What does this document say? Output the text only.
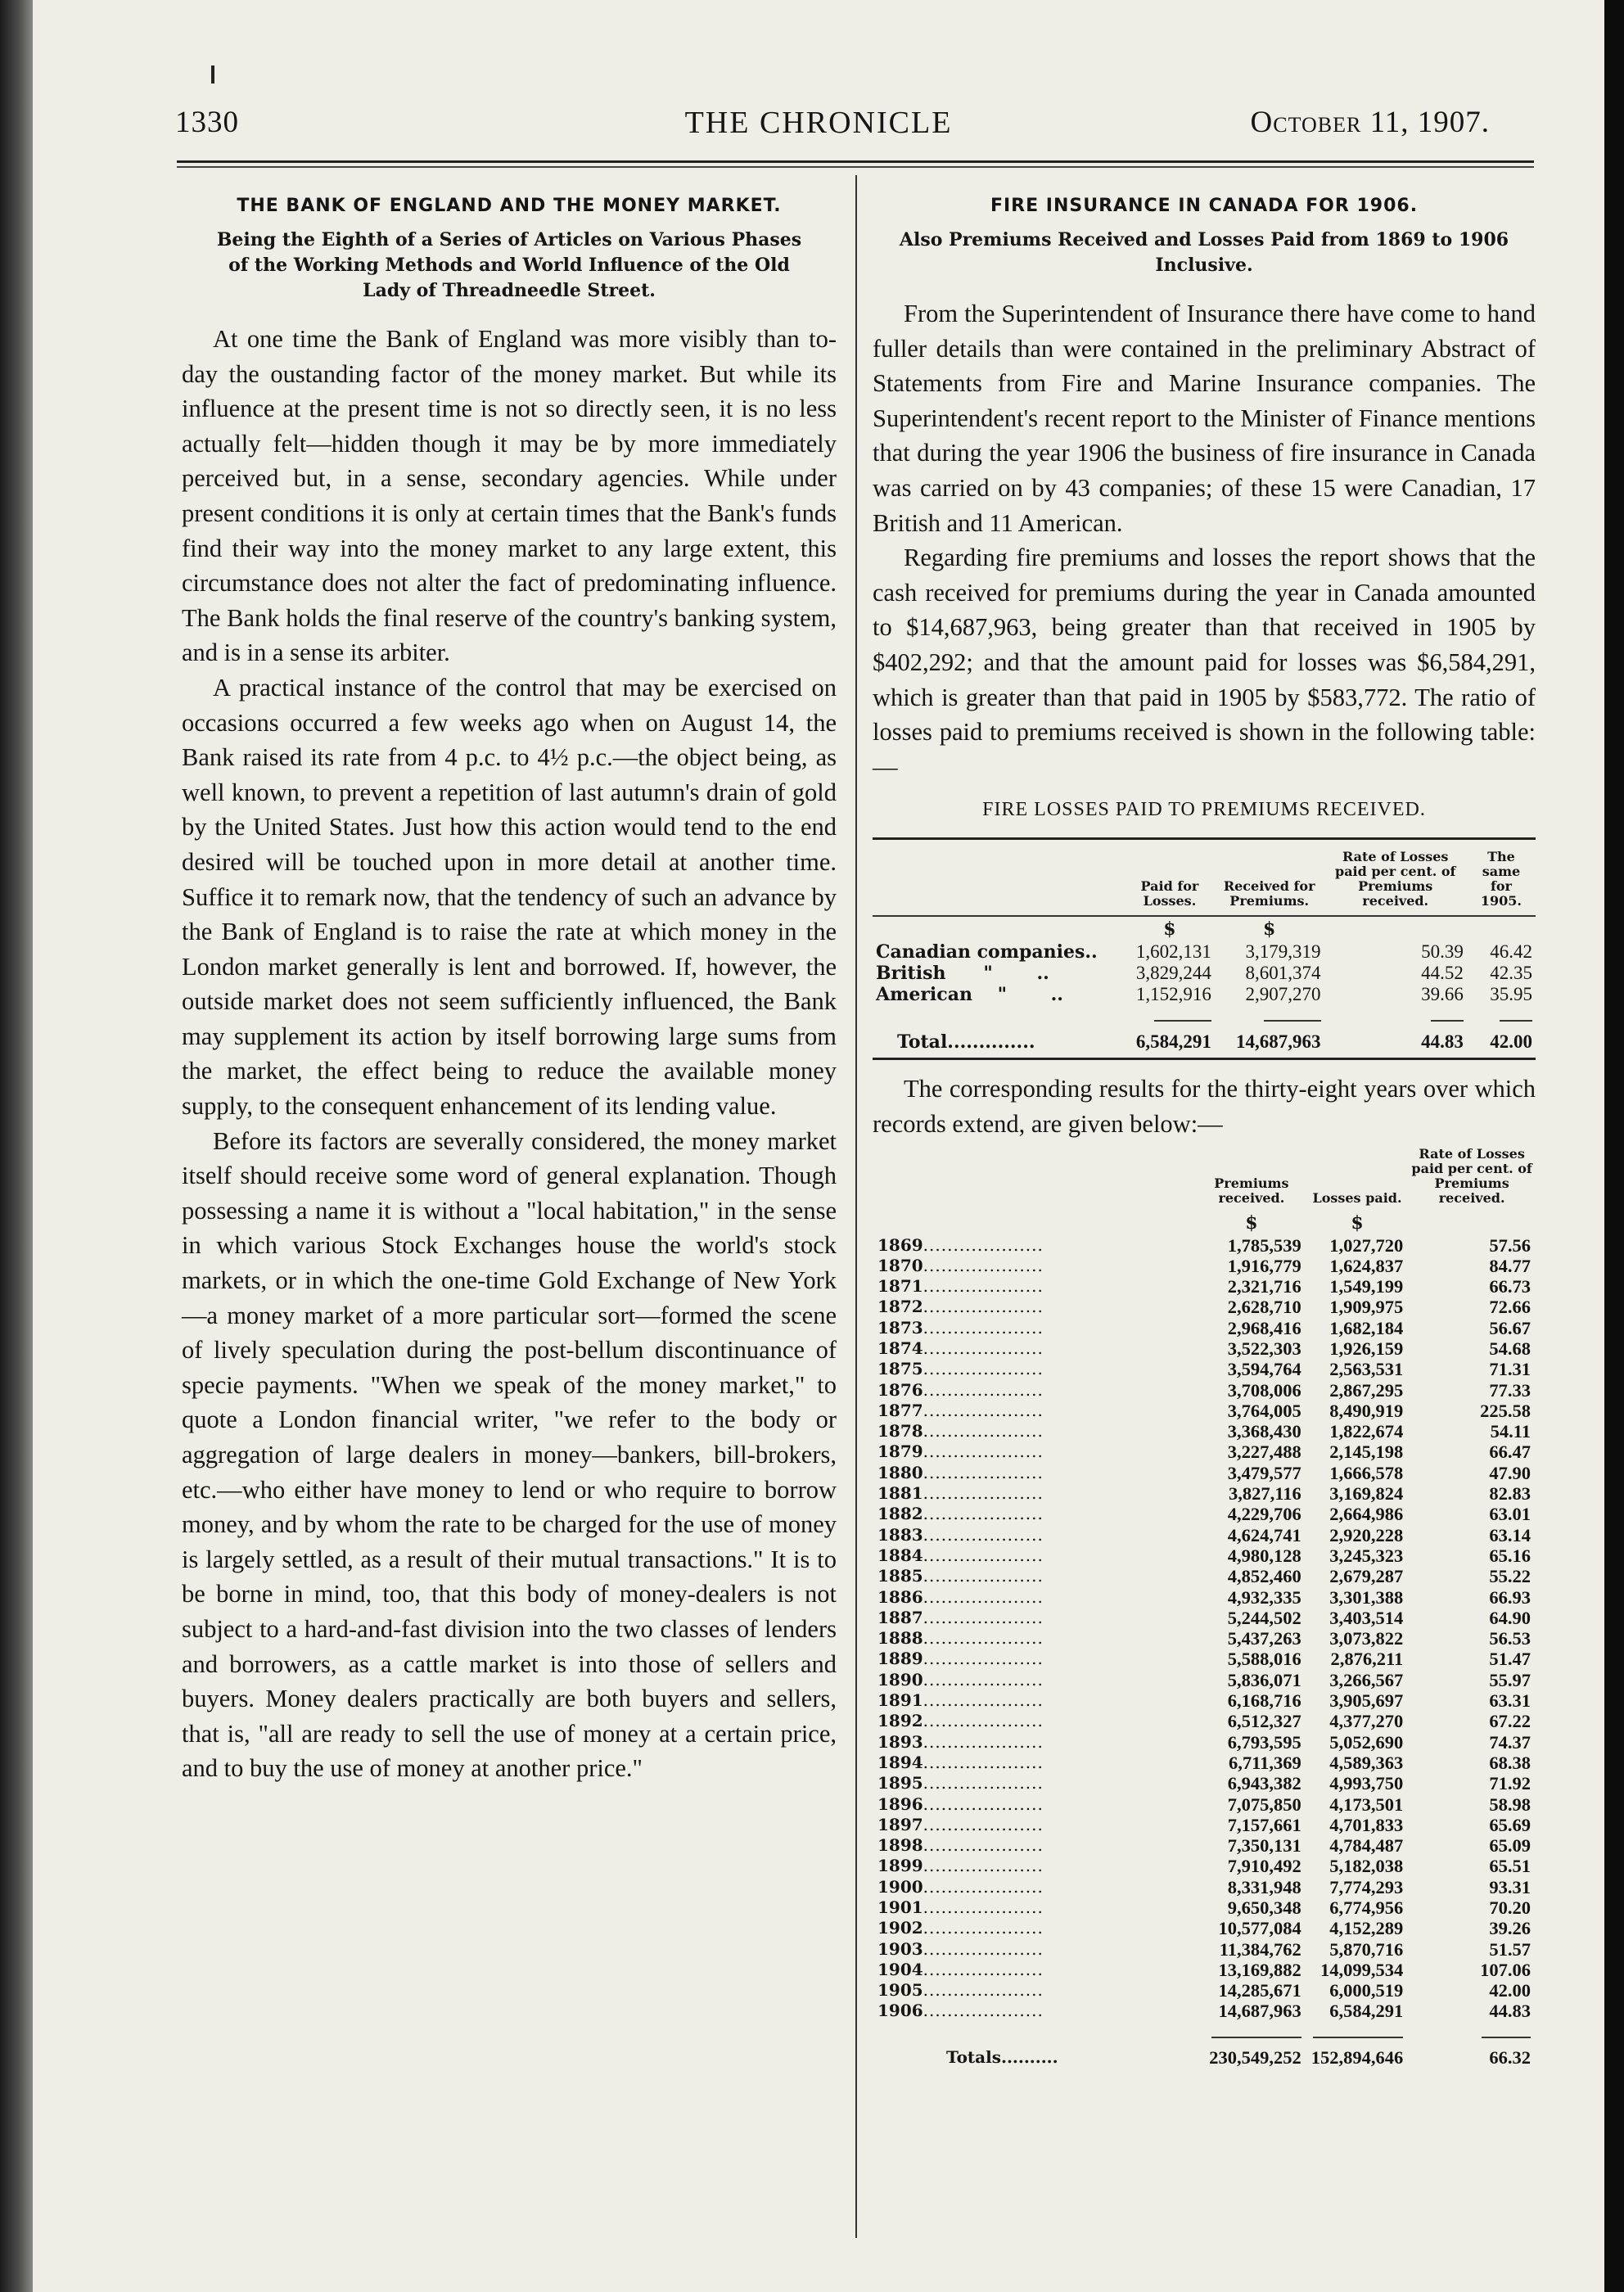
1330	THE CHRONICLE	October 11, 1907.
THE BANK OF ENGLAND AND THE MONEY MARKET.

Being the Eighth of a Series of Articles on Various Phases of the Working Methods and World Influence of the Old Lady of Threadneedle Street.

At one time the Bank of England was more visibly than to-day the oustanding factor of the money market. But while its influence at the present time is not so directly seen, it is no less actually felt—hidden though it may be by more immediately perceived but, in a sense, secondary agencies. While under present conditions it is only at certain times that the Bank's funds find their way into the money market to any large extent, this circumstance does not alter the fact of predominating influence. The Bank holds the final reserve of the country's banking system, and is in a sense its arbiter.

A practical instance of the control that may be exercised on occasions occurred a few weeks ago when on August 14, the Bank raised its rate from 4 p.c. to 4½ p.c.—the object being, as well known, to prevent a repetition of last autumn's drain of gold by the United States. Just how this action would tend to the end desired will be touched upon in more detail at another time. Suffice it to remark now, that the tendency of such an advance by the Bank of England is to raise the rate at which money in the London market generally is lent and borrowed. If, however, the outside market does not seem sufficiently influenced, the Bank may supplement its action by itself borrowing large sums from the market, the effect being to reduce the available money supply, to the consequent enhancement of its lending value.

Before its factors are severally considered, the money market itself should receive some word of general explanation. Though possessing a name it is without a "local habitation," in the sense in which various Stock Exchanges house the world's stock markets, or in which the one-time Gold Exchange of New York—a money market of a more particular sort—formed the scene of lively speculation during the post-bellum discontinuance of specie payments. "When we speak of the money market," to quote a London financial writer, "we refer to the body or aggregation of large dealers in money—bankers, bill-brokers, etc.—who either have money to lend or who require to borrow money, and by whom the rate to be charged for the use of money is largely settled, as a result of their mutual transactions." It is to be borne in mind, too, that this body of money-dealers is not subject to a hard-and-fast division into the two classes of lenders and borrowers, as a cattle market is into those of sellers and buyers. Money dealers practically are both buyers and sellers, that is, "all are ready to sell the use of money at a certain price, and to buy the use of money at another price."

FIRE INSURANCE IN CANADA FOR 1906.

Also Premiums Received and Losses Paid from 1869 to 1906 Inclusive.

From the Superintendent of Insurance there have come to hand fuller details than were contained in the preliminary Abstract of Statements from Fire and Marine Insurance companies. The Superintendent's recent report to the Minister of Finance mentions that during the year 1906 the business of fire insurance in Canada was carried on by 43 companies; of these 15 were Canadian, 17 British and 11 American.

Regarding fire premiums and losses the report shows that the cash received for premiums during the year in Canada amounted to $14,687,963, being greater than that received in 1905 by $402,292; and that the amount paid for losses was $6,584,291, which is greater than that paid in 1905 by $583,772. The ratio of losses paid to premiums received is shown in the following table:—

FIRE LOSSES PAID TO PREMIUMS RECEIVED.
	Paid for Losses.	Received for Premiums.	Rate of Losses paid per cent. of Premiums received.	The same for 1905.

	$	$		
Canadian companies..	1,602,131	3,179,319	50.39	46.42
British      "       ..	3,829,244	8,601,374	44.52	42.35
American    "       ..	1,152,916	2,907,270	39.66	35.95

Total..............	6,584,291	14,687,963	44.83	42.00

The corresponding results for the thirty-eight years over which records extend, are given below:—

	Premiums received.	Losses paid.	Rate of Losses paid per cent. of Premiums received.
	$	$	
1869....................	1,785,539	1,027,720	57.56
1870....................	1,916,779	1,624,837	84.77
1871....................	2,321,716	1,549,199	66.73
1872....................	2,628,710	1,909,975	72.66
1873....................	2,968,416	1,682,184	56.67
1874....................	3,522,303	1,926,159	54.68
1875....................	3,594,764	2,563,531	71.31
1876....................	3,708,006	2,867,295	77.33
1877....................	3,764,005	8,490,919	225.58
1878....................	3,368,430	1,822,674	54.11
1879....................	3,227,488	2,145,198	66.47
1880....................	3,479,577	1,666,578	47.90
1881....................	3,827,116	3,169,824	82.83
1882....................	4,229,706	2,664,986	63.01
1883....................	4,624,741	2,920,228	63.14
1884....................	4,980,128	3,245,323	65.16
1885....................	4,852,460	2,679,287	55.22
1886....................	4,932,335	3,301,388	66.93
1887....................	5,244,502	3,403,514	64.90
1888....................	5,437,263	3,073,822	56.53
1889....................	5,588,016	2,876,211	51.47
1890....................	5,836,071	3,266,567	55.97
1891....................	6,168,716	3,905,697	63.31
1892....................	6,512,327	4,377,270	67.22
1893....................	6,793,595	5,052,690	74.37
1894....................	6,711,369	4,589,363	68.38
1895....................	6,943,382	4,993,750	71.92
1896....................	7,075,850	4,173,501	58.98
1897....................	7,157,661	4,701,833	65.69
1898....................	7,350,131	4,784,487	65.09
1899....................	7,910,492	5,182,038	65.51
1900....................	8,331,948	7,774,293	93.31
1901....................	9,650,348	6,774,956	70.20
1902....................	10,577,084	4,152,289	39.26
1903....................	11,384,762	5,870,716	51.57
1904....................	13,169,882	14,099,534	107.06
1905....................	14,285,671	6,000,519	42.00
1906....................	14,687,963	6,584,291	44.83

Totals..........	230,549,252	152,894,646	66.32
